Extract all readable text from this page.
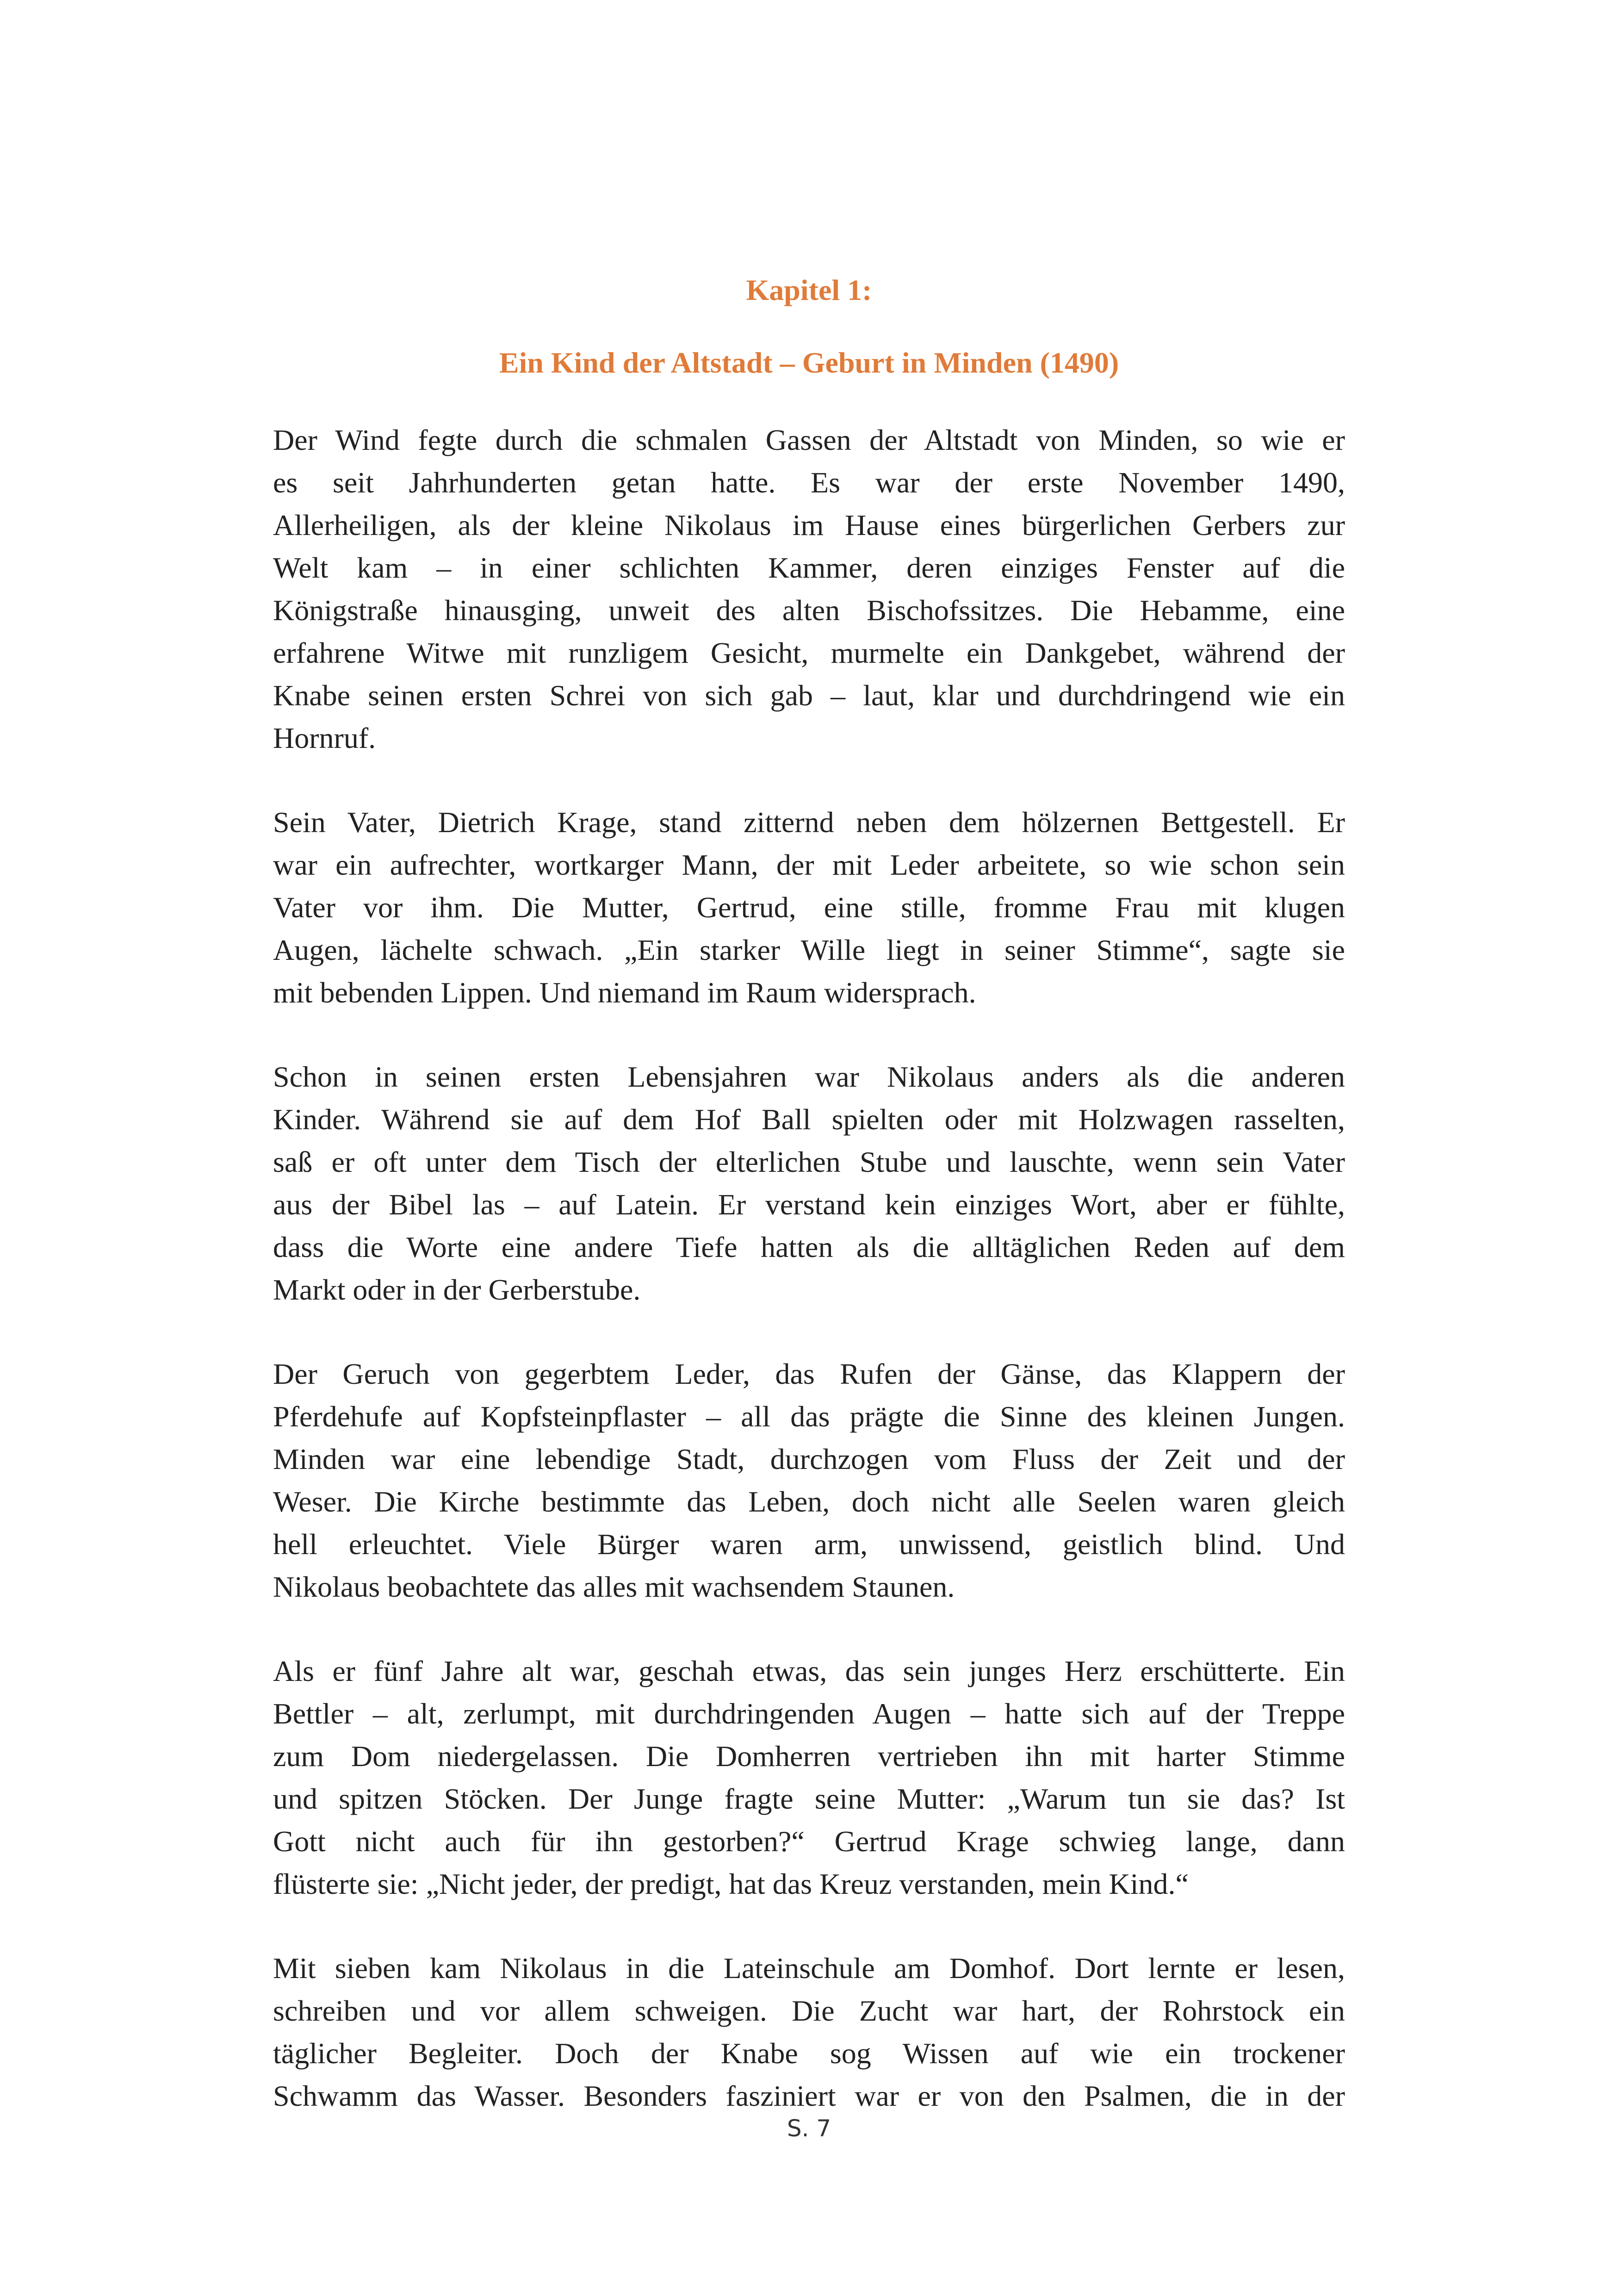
Kapitel 1:
Ein Kind der Altstadt – Geburt in Minden (1490)

Der Wind fegte durch die schmalen Gassen der Altstadt von Minden, so wie er
es seit Jahrhunderten getan hatte. Es war der erste November 1490,
Allerheiligen, als der kleine Nikolaus im Hause eines bürgerlichen Gerbers zur
Welt kam – in einer schlichten Kammer, deren einziges Fenster auf die
Königstraße hinausging, unweit des alten Bischofssitzes. Die Hebamme, eine
erfahrene Witwe mit runzligem Gesicht, murmelte ein Dankgebet, während der
Knabe seinen ersten Schrei von sich gab – laut, klar und durchdringend wie ein
Hornruf.

Sein Vater, Dietrich Krage, stand zitternd neben dem hölzernen Bettgestell. Er
war ein aufrechter, wortkarger Mann, der mit Leder arbeitete, so wie schon sein
Vater vor ihm. Die Mutter, Gertrud, eine stille, fromme Frau mit klugen
Augen, lächelte schwach. „Ein starker Wille liegt in seiner Stimme“, sagte sie
mit bebenden Lippen. Und niemand im Raum widersprach.

Schon in seinen ersten Lebensjahren war Nikolaus anders als die anderen
Kinder. Während sie auf dem Hof Ball spielten oder mit Holzwagen rasselten,
saß er oft unter dem Tisch der elterlichen Stube und lauschte, wenn sein Vater
aus der Bibel las – auf Latein. Er verstand kein einziges Wort, aber er fühlte,
dass die Worte eine andere Tiefe hatten als die alltäglichen Reden auf dem
Markt oder in der Gerberstube.

Der Geruch von gegerbtem Leder, das Rufen der Gänse, das Klappern der
Pferdehufe auf Kopfsteinpflaster – all das prägte die Sinne des kleinen Jungen.
Minden war eine lebendige Stadt, durchzogen vom Fluss der Zeit und der
Weser. Die Kirche bestimmte das Leben, doch nicht alle Seelen waren gleich
hell erleuchtet. Viele Bürger waren arm, unwissend, geistlich blind. Und
Nikolaus beobachtete das alles mit wachsendem Staunen.

Als er fünf Jahre alt war, geschah etwas, das sein junges Herz erschütterte. Ein
Bettler – alt, zerlumpt, mit durchdringenden Augen – hatte sich auf der Treppe
zum Dom niedergelassen. Die Domherren vertrieben ihn mit harter Stimme
und spitzen Stöcken. Der Junge fragte seine Mutter: „Warum tun sie das? Ist
Gott nicht auch für ihn gestorben?“ Gertrud Krage schwieg lange, dann
flüsterte sie: „Nicht jeder, der predigt, hat das Kreuz verstanden, mein Kind.“

Mit sieben kam Nikolaus in die Lateinschule am Domhof. Dort lernte er lesen,
schreiben und vor allem schweigen. Die Zucht war hart, der Rohrstock ein
täglicher Begleiter. Doch der Knabe sog Wissen auf wie ein trockener
Schwamm das Wasser. Besonders fasziniert war er von den Psalmen, die in der

S. 7
